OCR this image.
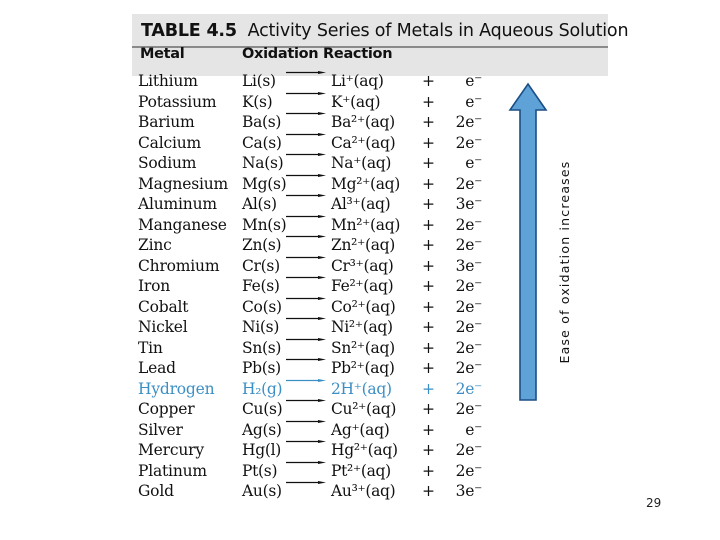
TABLE 4.5 Activity Series of Metals in Aqueous Solution
Metal	Oxidation Reaction
Lithium	Li(s) → Li⁺(aq) +	e⁻
Potassium K(s) → K⁺(aq)	+	e⁻
Barium	Ba(s) → Ba²⁺(aq) +	2e⁻
Calcium	Ca(s) → Ca²⁺(aq) +	2e⁻
Sodium	Na(s) → Na⁺(aq) +	e⁻
Magnesium Mg(s) → Mg²⁺(aq) +	2e⁻
Aluminum Al(s) → Al³⁺(aq) +	3e⁻
Manganese Mn(s) → Mn²⁺(aq) +	2e⁻
Zinc	Zn(s) → Zn²⁺(aq) +	2e⁻
Chromium Cr(s) → Cr³⁺(aq) +	3e⁻
Iron	Fe(s) → Fe²⁺(aq) +	2e⁻
Cobalt	Co(s) → Co²⁺(aq) +	2e⁻
Nickel	Ni(s) → Ni²⁺(aq) +	2e⁻
Tin	Sn(s) → Sn²⁺(aq) +	2e⁻
Lead	Pb(s) → Pb²⁺(aq) +	2e⁻
Hydrogen H₂(g) → 2H⁺(aq) +	2e⁻
Copper	Cu(s) → Cu²⁺(aq) +	2e⁻
Silver	Ag(s) → Ag⁺(aq) +	e⁻
Mercury Hg(l) → Hg²⁺(aq) +	2e⁻
Platinum Pt(s) → Pt²⁺(aq) +	2e⁻
Gold	Au(s) → Au³⁺(aq) +	3e⁻
Ease of oxidation increases
29
